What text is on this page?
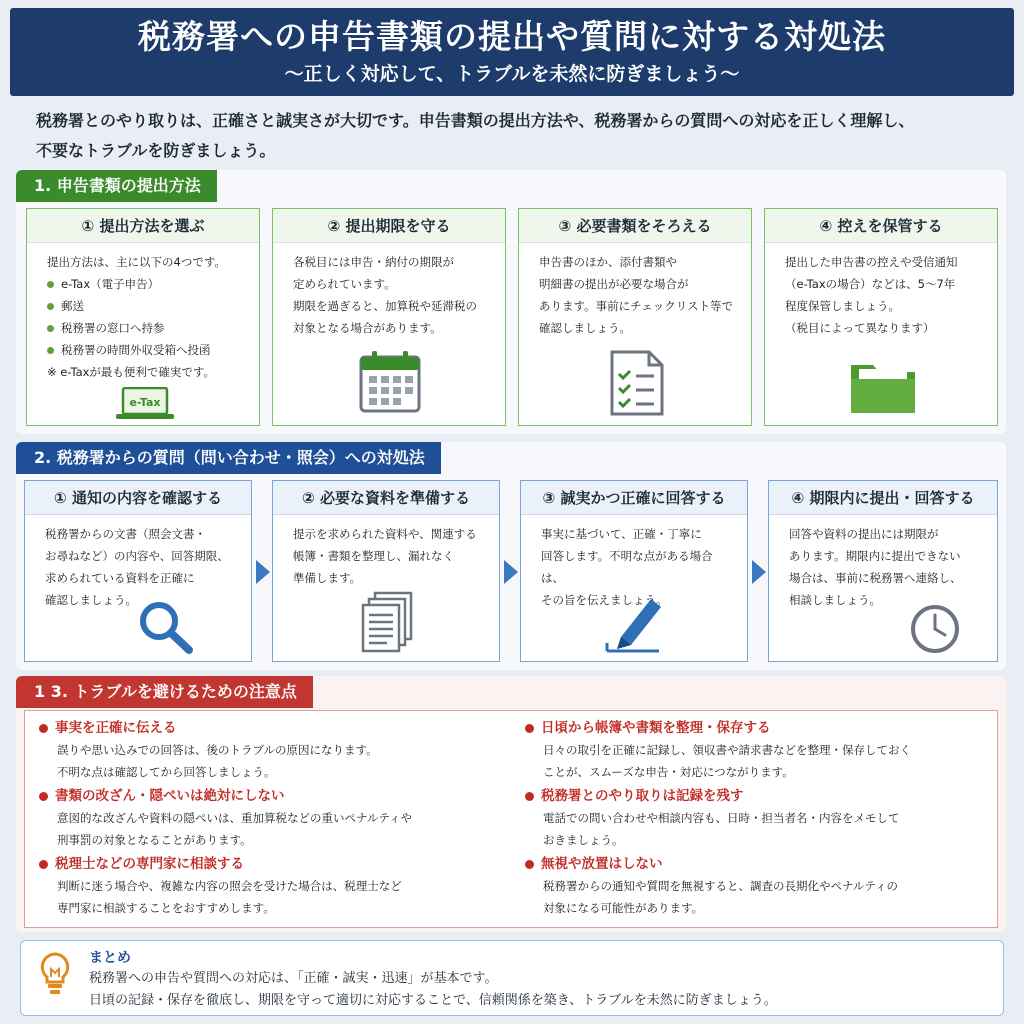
税務署への申告書類の提出や質問に対する対処法
〜正しく対応して、トラブルを未然に防ぎましょう〜
税務署とのやり取りは、正確さと誠実さが大切です。申告書類の提出方法や、税務署からの質問への対応を正しく理解し、
不要なトラブルを防ぎましょう。
1. 申告書類の提出方法
① 提出方法を選ぶ
提出方法は、主に以下の4つです。
e-Tax（電子申告）
郵送
税務署の窓口へ持参
税務署の時間外収受箱へ投函
※ e-Taxが最も便利で確実です。
e-Tax
② 提出期限を守る
各税目には申告・納付の期限が
定められています。
期限を過ぎると、加算税や延滞税の
対象となる場合があります。
③ 必要書類をそろえる
申告書のほか、添付書類や
明細書の提出が必要な場合が
あります。事前にチェックリスト等で
確認しましょう。
④ 控えを保管する
提出した申告書の控えや受信通知
（e-Taxの場合）などは、5〜7年
程度保管しましょう。
（税目によって異なります）
2. 税務署からの質問（問い合わせ・照会）への対処法
① 通知の内容を確認する
税務署からの文書（照会文書・
お尋ねなど）の内容や、回答期限、
求められている資料を正確に
確認しましょう。
② 必要な資料を準備する
提示を求められた資料や、関連する
帳簿・書類を整理し、漏れなく
準備します。
③ 誠実かつ正確に回答する
事実に基づいて、正確・丁寧に
回答します。不明な点がある場合は、
その旨を伝えましょう。
④ 期限内に提出・回答する
回答や資料の提出には期限が
あります。期限内に提出できない
場合は、事前に税務署へ連絡し、
相談しましょう。
1 3. トラブルを避けるための注意点
事実を正確に伝える
誤りや思い込みでの回答は、後のトラブルの原因になります。
不明な点は確認してから回答しましょう。
書類の改ざん・隠ぺいは絶対にしない
意図的な改ざんや資料の隠ぺいは、重加算税などの重いペナルティや
刑事罰の対象となることがあります。
税理士などの専門家に相談する
判断に迷う場合や、複雑な内容の照会を受けた場合は、税理士など
専門家に相談することをおすすめします。
日頃から帳簿や書類を整理・保存する
日々の取引を正確に記録し、領収書や請求書などを整理・保存しておく
ことが、スムーズな申告・対応につながります。
税務署とのやり取りは記録を残す
電話での問い合わせや相談内容も、日時・担当者名・内容をメモして
おきましょう。
無視や放置はしない
税務署からの通知や質問を無視すると、調査の長期化やペナルティの
対象になる可能性があります。
まとめ
税務署への申告や質問への対応は、「正確・誠実・迅速」が基本です。
日頃の記録・保存を徹底し、期限を守って適切に対応することで、信頼関係を築き、トラブルを未然に防ぎましょう。
